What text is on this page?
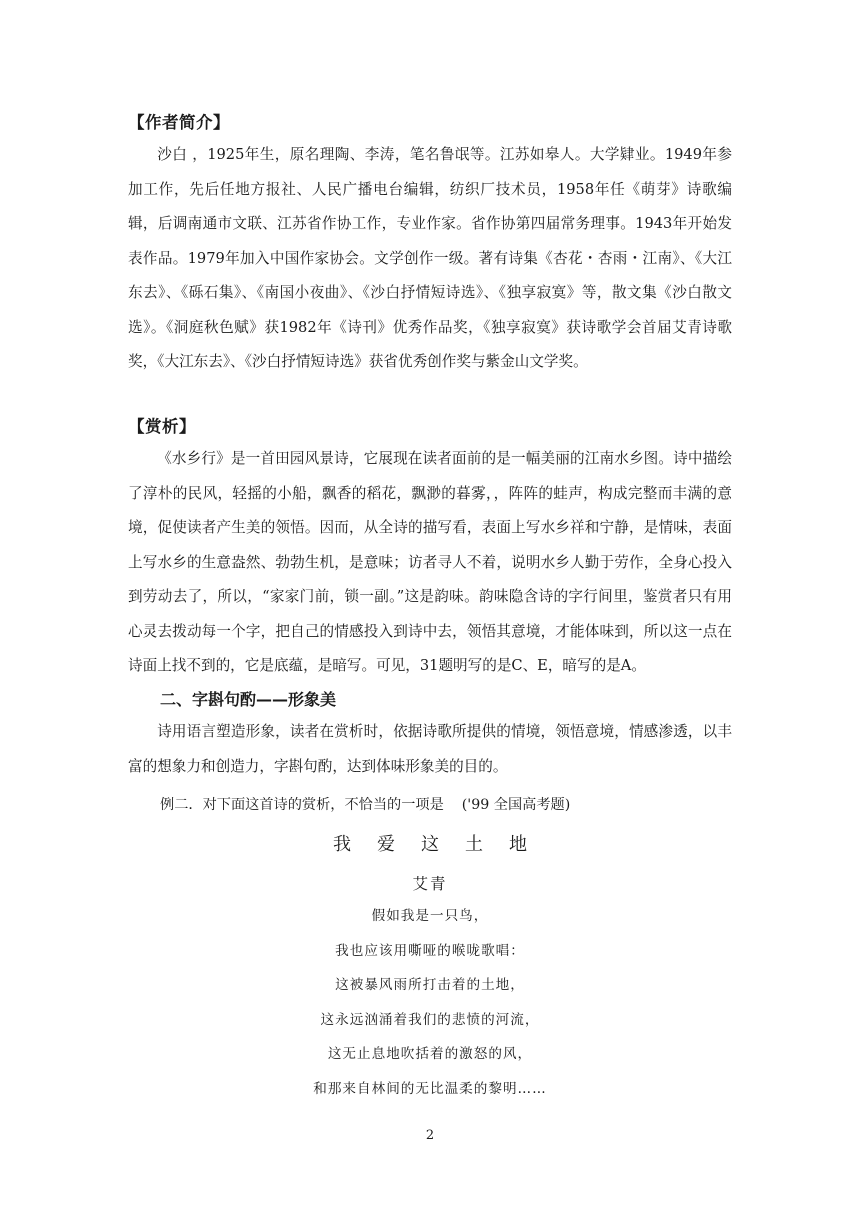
【作者简介】

沙白 ，1925年生，原名理陶、李涛，笔名鲁氓等。江苏如皋人。大学肄业。1949年参加工作，先后任地方报社、人民广播电台编辑，纺织厂技术员，1958年任《萌芽》诗歌编辑，后调南通市文联、江苏省作协工作，专业作家。省作协第四届常务理事。1943年开始发表作品。1979年加入中国作家协会。文学创作一级。著有诗集《杏花・杏雨・江南》、《大江东去》、《砾石集》、《南国小夜曲》、《沙白抒情短诗选》、《独享寂寞》等，散文集《沙白散文选》。《洞庭秋色赋》获1982年《诗刊》优秀作品奖，《独享寂寞》获诗歌学会首届艾青诗歌奖，《大江东去》、《沙白抒情短诗选》获省优秀创作奖与紫金山文学奖。

【赏析】

《水乡行》是一首田园风景诗，它展现在读者面前的是一幅美丽的江南水乡图。诗中描绘了淳朴的民风，轻摇的小船，飘香的稻花，飘渺的暮雾，，阵阵的蛙声，构成完整而丰满的意境，促使读者产生美的领悟。因而，从全诗的描写看，表面上写水乡祥和宁静，是情味，表面上写水乡的生意盎然、勃勃生机，是意味；访者寻人不着，说明水乡人勤于劳作，全身心投入到劳动去了，所以，“家家门前，锁一副。”这是韵味。韵味隐含诗的字行间里，鉴赏者只有用心灵去拨动每一个字，把自己的情感投入到诗中去，领悟其意境，才能体味到，所以这一点在诗面上找不到的，它是底蕴，是暗写。可见，31题明写的是C、E，暗写的是A。

二、字斟句酌——形象美

诗用语言塑造形象，读者在赏析时，依据诗歌所提供的情境，领悟意境，情感渗透，以丰富的想象力和创造力，字斟句酌，达到体味形象美的目的。

例二．对下面这首诗的赏析，不恰当的一项是 ('99 全国高考题)
我爱这土地
艾青
假如我是一只鸟，
我也应该用嘶哑的喉咙歌唱：
这被暴风雨所打击着的土地，
这永远汹涌着我们的悲愤的河流，
这无止息地吹括着的激怒的风，
和那来自林间的无比温柔的黎明……
2
